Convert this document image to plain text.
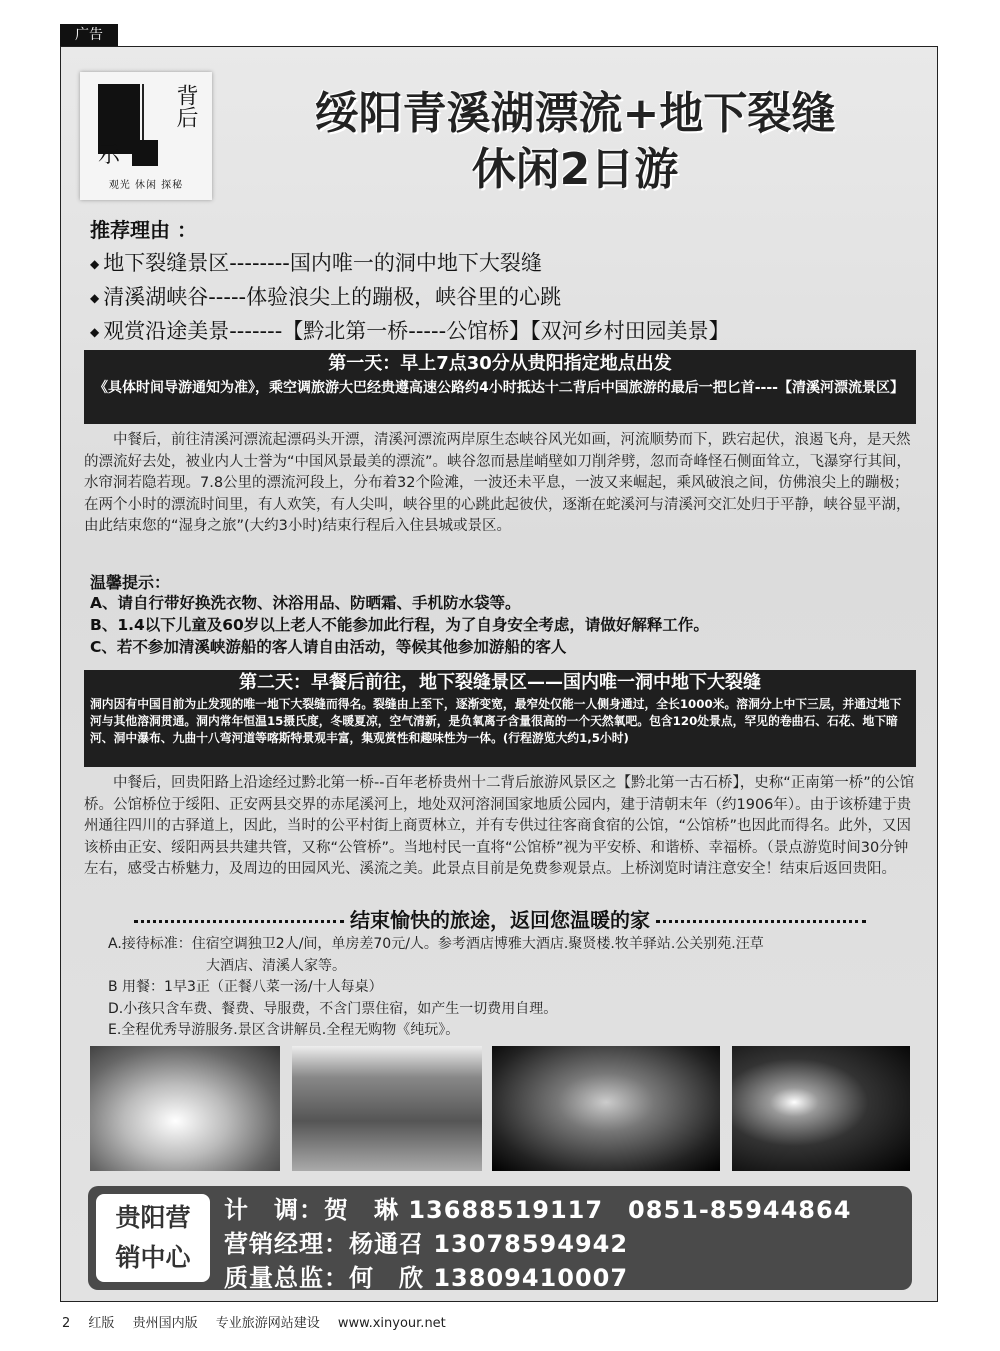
广告
示
背后
观光 休闲 探秘
绥阳青溪湖漂流+地下裂缝
休闲2日游
推荐理由 ：
◆ 地下裂缝景区--------国内唯一的洞中地下大裂缝
◆ 清溪湖峡谷-----体验浪尖上的蹦极，峡谷里的心跳
◆ 观赏沿途美景-------【黔北第一桥-----公馆桥】【双河乡村田园美景】
第一天：早上7点30分从贵阳指定地点出发
《具体时间导游通知为准》，乘空调旅游大巴经贵遵高速公路约4小时抵达十二背后中国旅游的最后一把匕首----【清溪河漂流景区】
中餐后，前往清溪河漂流起漂码头开漂，清溪河漂流两岸原生态峡谷风光如画，河流顺势而下，跌宕起伏，浪遏飞舟，是天然的漂流好去处，被业内人士誉为“中国风景最美的漂流”。峡谷忽而悬崖峭壁如刀削斧劈，忽而奇峰怪石侧面耸立，飞瀑穿行其间，水帘洞若隐若现。7.8公里的漂流河段上，分布着32个险滩，一波还未平息，一波又来崛起，乘风破浪之间，仿佛浪尖上的蹦极；在两个小时的漂流时间里，有人欢笑，有人尖叫，峡谷里的心跳此起彼伏，逐渐在蛇溪河与清溪河交汇处归于平静，峡谷显平湖，由此结束您的“湿身之旅”(大约3小时)结束行程后入住县城或景区。
温馨提示：
A、请自行带好换洗衣物、沐浴用品、防晒霜、手机防水袋等。
B、1.4以下儿童及60岁以上老人不能参加此行程，为了自身安全考虑，请做好解释工作。
C、若不参加清溪峡游船的客人请自由活动，等候其他参加游船的客人
第二天：早餐后前往，地下裂缝景区——国内唯一洞中地下大裂缝
洞内因有中国目前为止发现的唯一地下大裂缝而得名。裂缝由上至下，逐渐变宽，最窄处仅能一人侧身通过，全长1000米。溶洞分上中下三层，并通过地下河与其他溶洞贯通。洞内常年恒温15摄氏度，冬暖夏凉，空气清新，是负氧离子含量很高的一个天然氧吧。包含120处景点，罕见的卷曲石、石花、地下暗河、洞中瀑布、九曲十八弯河道等喀斯特景观丰富，集观赏性和趣味性为一体。(行程游览大约1,5小时)
中餐后，回贵阳路上沿途经过黔北第一桥--百年老桥贵州十二背后旅游风景区之【黔北第一古石桥】，史称“正南第一桥”的公馆桥。公馆桥位于绥阳、正安两县交界的赤尾溪河上，地处双河溶洞国家地质公园内，建于清朝末年（约1906年）。由于该桥建于贵州通往四川的古驿道上，因此，当时的公平村街上商贾林立，并有专供过往客商食宿的公馆，“公馆桥”也因此而得名。此外，又因该桥由正安、绥阳两县共建共管，又称“公管桥”。当地村民一直将“公馆桥”视为平安桥、和谐桥、幸福桥。（景点游览时间30分钟左右，感受古桥魅力，及周边的田园风光、溪流之美。此景点目前是免费参观景点。上桥浏览时请注意安全！结束后返回贵阳。
结束愉快的旅途，返回您温暖的家
A.接待标准：住宿空调独卫2人/间，单房差70元/人。参考酒店博雅大酒店.聚贤楼.牧羊驿站.公关别苑.汪草
大酒店、清溪人家等。
B 用餐：1早3正（正餐八菜一汤/十人每桌）
D.小孩只含车费、餐费、导服费，不含门票住宿，如产生一切费用自理。
E.全程优秀导游服务.景区含讲解员.全程无购物《纯玩》。
贵阳营
销中心
计　调：贺　琳 13688519117　0851-85944864
营销经理：杨通召 13078594942
质量总监：何　欣 13809410007
2 红版 贵州国内版 专业旅游网站建设 www.xinyour.net
